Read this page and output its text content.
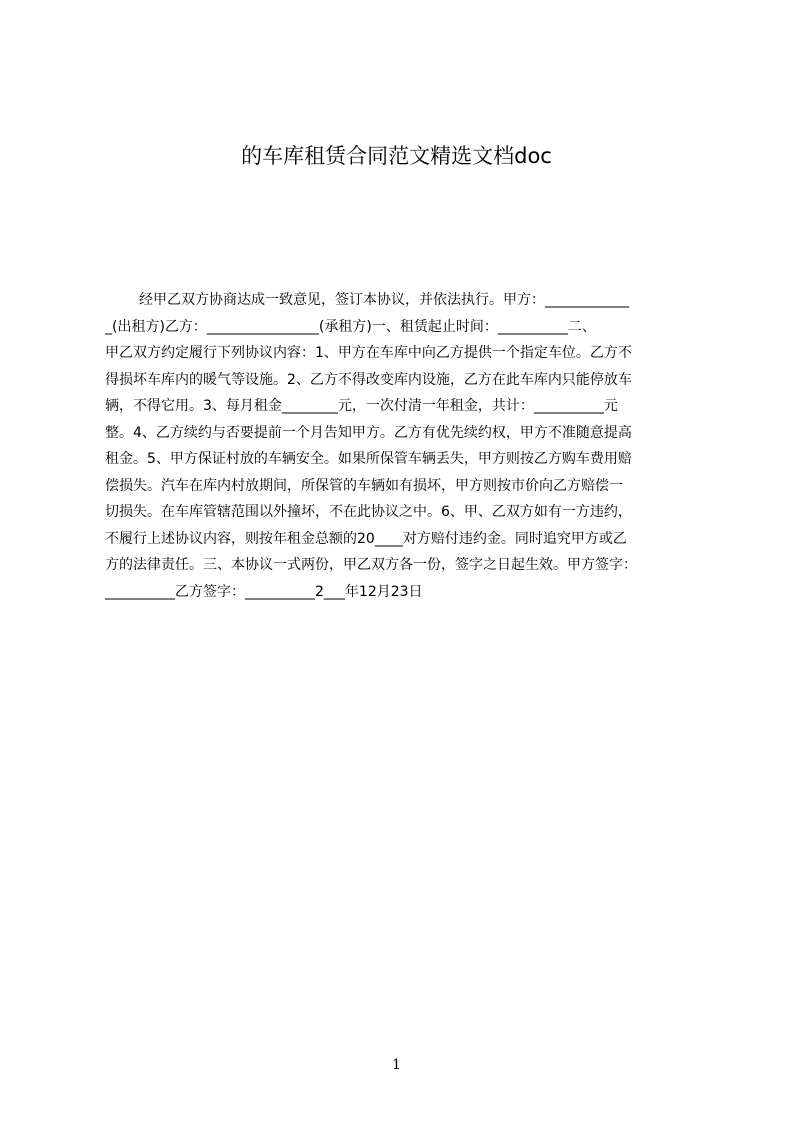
的车库租赁合同范文精选文档doc
经甲乙双方协商达成一致意见，签订本协议，并依法执行。甲方：____________
_(出租方)乙方：________________(承租方)一、租赁起止时间：__________二、
甲乙双方约定履行下列协议内容：1、甲方在车库中向乙方提供一个指定车位。乙方不
得损坏车库内的暖气等设施。2、乙方不得改变库内设施，乙方在此车库内只能停放车
辆，不得它用。3、每月租金________元，一次付清一年租金，共计：__________元
整。4、乙方续约与否要提前一个月告知甲方。乙方有优先续约权，甲方不准随意提高
租金。5、甲方保证村放的车辆安全。如果所保管车辆丢失，甲方则按乙方购车费用赔
偿损失。汽车在库内村放期间，所保管的车辆如有损坏，甲方则按市价向乙方赔偿一
切损失。在车库管辖范围以外撞坏，不在此协议之中。6、甲、乙双方如有一方违约，
不履行上述协议内容，则按年租金总额的20____对方赔付违约金。同时追究甲方或乙
方的法律责任。三、本协议一式两份，甲乙双方各一份，签字之日起生效。甲方签字：
__________乙方签字：__________2___年12月23日
1
